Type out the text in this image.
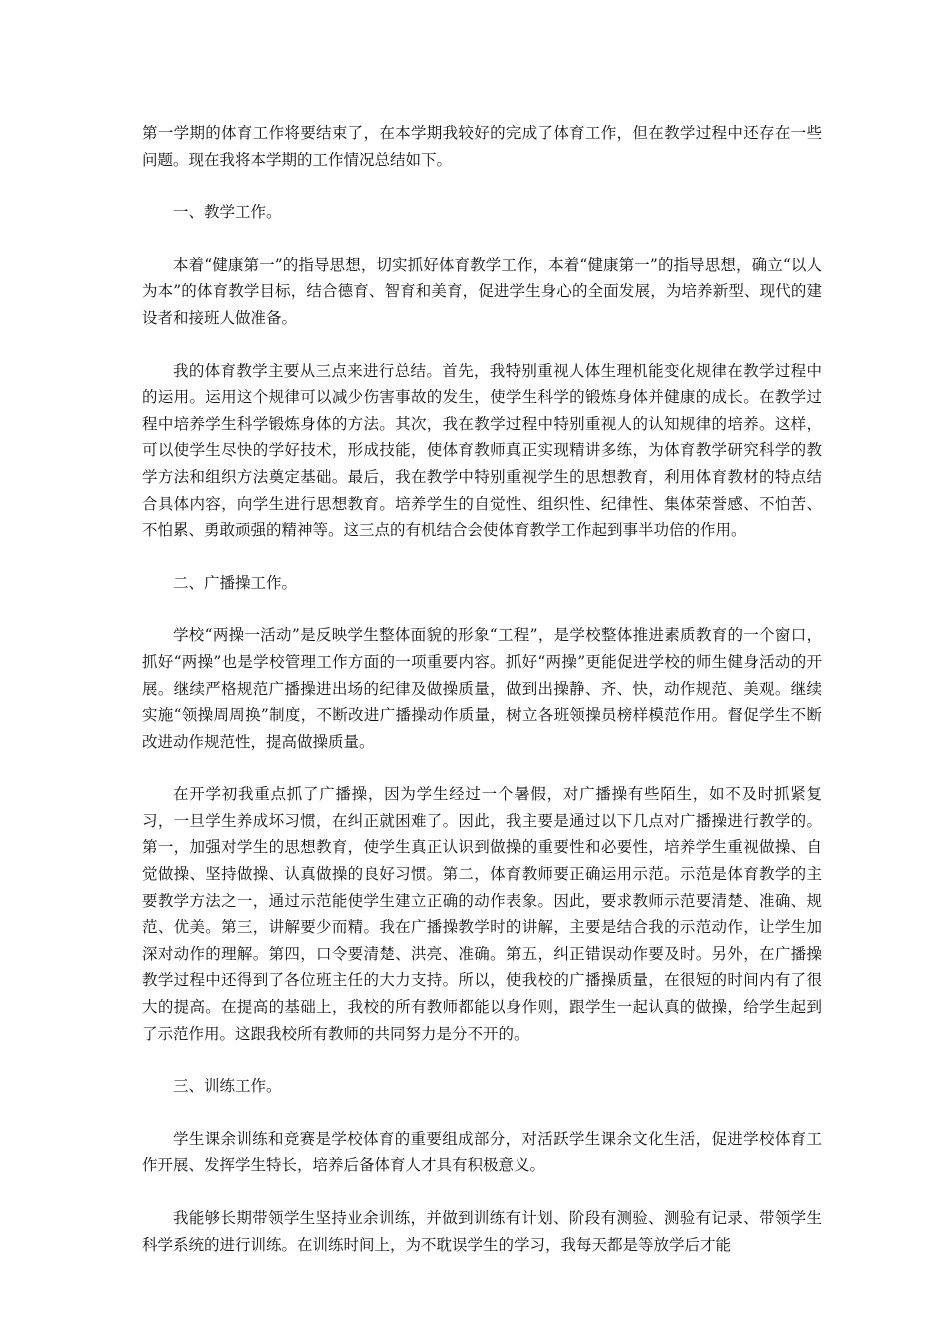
第一学期的体育工作将要结束了，在本学期我较好的完成了体育工作，但在教学过程中还存在一些问题。现在我将本学期的工作情况总结如下。

一、教学工作。

本着“健康第一”的指导思想，切实抓好体育教学工作，本着“健康第一”的指导思想，确立“以人为本”的体育教学目标，结合德育、智育和美育，促进学生身心的全面发展，为培养新型、现代的建设者和接班人做准备。

我的体育教学主要从三点来进行总结。首先，我特别重视人体生理机能变化规律在教学过程中的运用。运用这个规律可以减少伤害事故的发生，使学生科学的锻炼身体并健康的成长。在教学过程中培养学生科学锻炼身体的方法。其次，我在教学过程中特别重视人的认知规律的培养。这样，可以使学生尽快的学好技术，形成技能，使体育教师真正实现精讲多练，为体育教学研究科学的教学方法和组织方法奠定基础。最后，我在教学中特别重视学生的思想教育，利用体育教材的特点结合具体内容，向学生进行思想教育。培养学生的自觉性、组织性、纪律性、集体荣誉感、不怕苦、不怕累、勇敢顽强的精神等。这三点的有机结合会使体育教学工作起到事半功倍的作用。

二、广播操工作。

学校“两操一活动”是反映学生整体面貌的形象“工程”，是学校整体推进素质教育的一个窗口，抓好“两操”也是学校管理工作方面的一项重要内容。抓好“两操”更能促进学校的师生健身活动的开展。继续严格规范广播操进出场的纪律及做操质量，做到出操静、齐、快，动作规范、美观。继续实施“领操周周换”制度，不断改进广播操动作质量，树立各班领操员榜样模范作用。督促学生不断改进动作规范性，提高做操质量。

在开学初我重点抓了广播操，因为学生经过一个暑假，对广播操有些陌生，如不及时抓紧复习，一旦学生养成坏习惯，在纠正就困难了。因此，我主要是通过以下几点对广播操进行教学的。第一，加强对学生的思想教育，使学生真正认识到做操的重要性和必要性，培养学生重视做操、自觉做操、坚持做操、认真做操的良好习惯。第二，体育教师要正确运用示范。示范是体育教学的主要教学方法之一，通过示范能使学生建立正确的动作表象。因此，要求教师示范要清楚、准确、规范、优美。第三，讲解要少而精。我在广播操教学时的讲解，主要是结合我的示范动作，让学生加深对动作的理解。第四，口令要清楚、洪亮、准确。第五，纠正错误动作要及时。另外，在广播操教学过程中还得到了各位班主任的大力支持。所以，使我校的广播操质量，在很短的时间内有了很大的提高。在提高的基础上，我校的所有教师都能以身作则，跟学生一起认真的做操，给学生起到了示范作用。这跟我校所有教师的共同努力是分不开的。

三、训练工作。

学生课余训练和竞赛是学校体育的重要组成部分，对活跃学生课余文化生活，促进学校体育工作开展、发挥学生特长，培养后备体育人才具有积极意义。

我能够长期带领学生坚持业余训练，并做到训练有计划、阶段有测验、测验有记录、带领学生科学系统的进行训练。在训练时间上，为不耽误学生的学习，我每天都是等放学后才能
